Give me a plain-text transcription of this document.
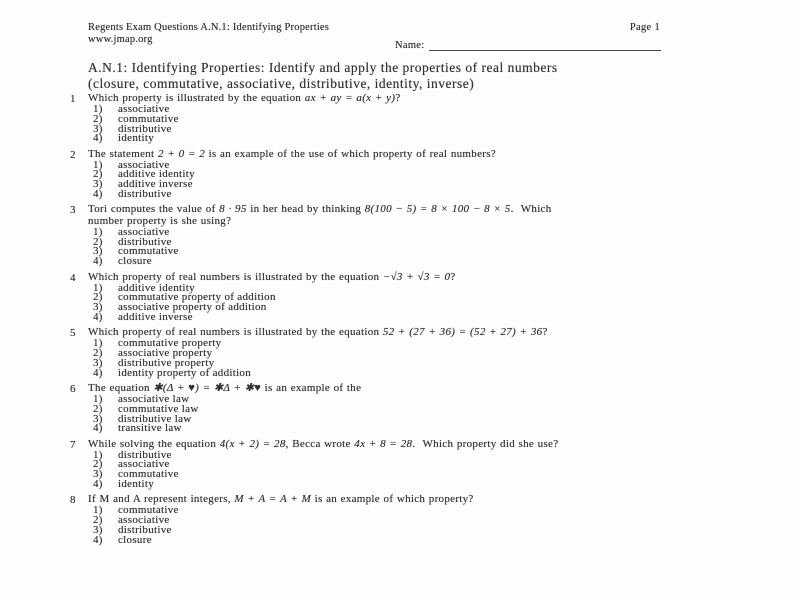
Regents Exam Questions A.N.1: Identifying Properties
www.jmap.org
Page 1
Name:
A.N.1: Identifying Properties: Identify and apply the properties of real numbers
(closure, commutative, associative, distributive, identity, inverse)
1	Which property is illustrated by the equation ax + ay = a(x + y)?
1)	associative
2)	commutative
3)	distributive
4)	identity
2	The statement 2 + 0 = 2 is an example of the use of which property of real numbers?
1)	associative
2)	additive identity
3)	additive inverse
4)	distributive
3	Tori computes the value of 8 · 95 in her head by thinking 8(100 − 5) = 8 × 100 − 8 × 5.  Which
number property is she using?
1)	associative
2)	distributive
3)	commutative
4)	closure
4	Which property of real numbers is illustrated by the equation −√3 + √3 = 0?
1)	additive identity
2)	commutative property of addition
3)	associative property of addition
4)	additive inverse
5	Which property of real numbers is illustrated by the equation 52 + (27 + 36) = (52 + 27) + 36?
1)	commutative property
2)	associative property
3)	distributive property
4)	identity property of addition
6	The equation ✱(Δ + ♥) = ✱Δ + ✱♥ is an example of the
1)	associative law
2)	commutative law
3)	distributive law
4)	transitive law
7	While solving the equation 4(x + 2) = 28, Becca wrote 4x + 8 = 28.  Which property did she use?
1)	distributive
2)	associative
3)	commutative
4)	identity
8	If M and A represent integers, M + A = A + M is an example of which property?
1)	commutative
2)	associative
3)	distributive
4)	closure
